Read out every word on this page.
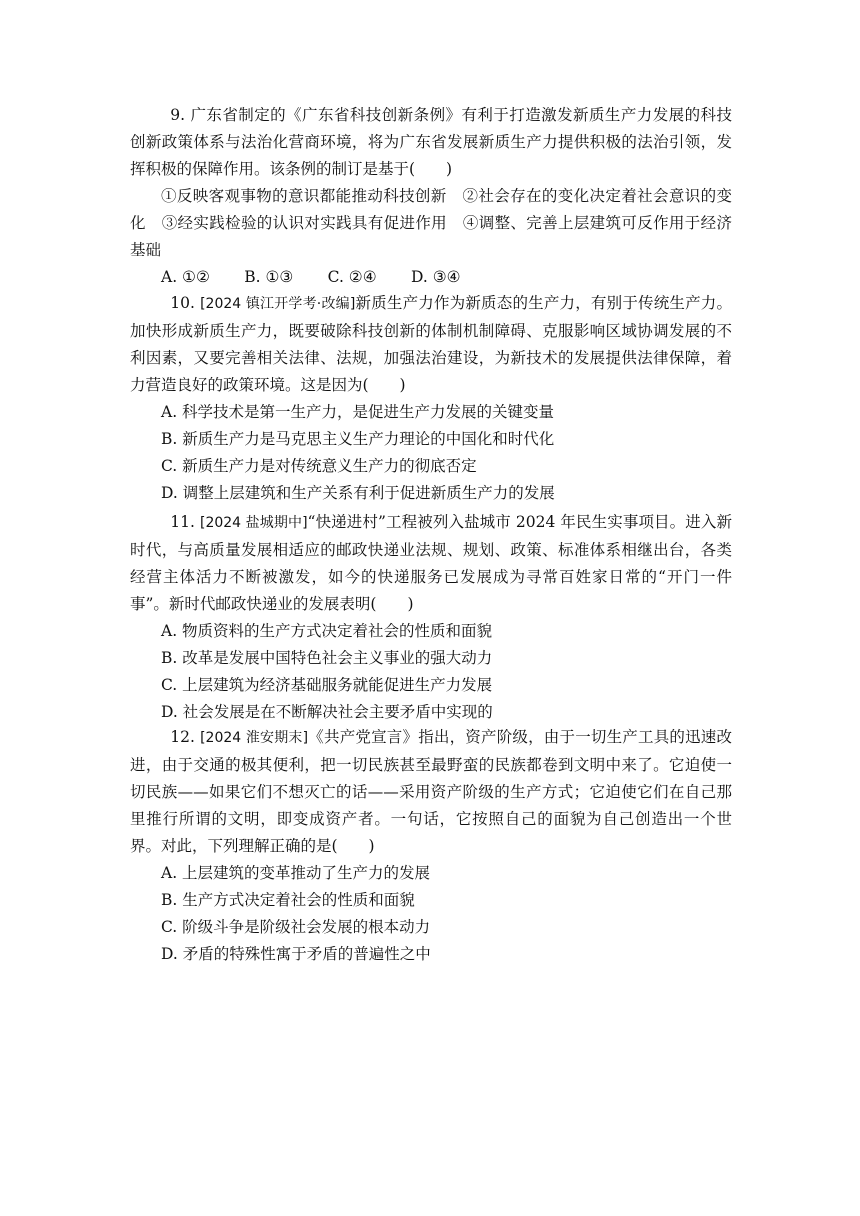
9. 广东省制定的《广东省科技创新条例》有利于打造激发新质生产力发展的科技创新政策体系与法治化营商环境，将为广东省发展新质生产力提供积极的法治引领，发挥积极的保障作用。该条例的制订是基于(　　)

①反映客观事物的意识都能推动科技创新　②社会存在的变化决定着社会意识的变化　③经实践检验的认识对实践具有促进作用　④调整、完善上层建筑可反作用于经济基础

A. ①② B. ①③ C. ②④ D. ③④

10. [2024 镇江开学考·改编]新质生产力作为新质态的生产力，有别于传统生产力。加快形成新质生产力，既要破除科技创新的体制机制障碍、克服影响区域协调发展的不利因素，又要完善相关法律、法规，加强法治建设，为新技术的发展提供法律保障，着力营造良好的政策环境。这是因为(　　)

A. 科学技术是第一生产力，是促进生产力发展的关键变量

B. 新质生产力是马克思主义生产力理论的中国化和时代化

C. 新质生产力是对传统意义生产力的彻底否定

D. 调整上层建筑和生产关系有利于促进新质生产力的发展

11. [2024 盐城期中]“快递进村”工程被列入盐城市 2024 年民生实事项目。进入新时代，与高质量发展相适应的邮政快递业法规、规划、政策、标准体系相继出台，各类经营主体活力不断被激发，如今的快递服务已发展成为寻常百姓家日常的“开门一件事”。新时代邮政快递业的发展表明(　　)

A. 物质资料的生产方式决定着社会的性质和面貌

B. 改革是发展中国特色社会主义事业的强大动力

C. 上层建筑为经济基础服务就能促进生产力发展

D. 社会发展是在不断解决社会主要矛盾中实现的

12. [2024 淮安期末]《共产党宣言》指出，资产阶级，由于一切生产工具的迅速改进，由于交通的极其便利，把一切民族甚至最野蛮的民族都卷到文明中来了。它迫使一切民族——如果它们不想灭亡的话——采用资产阶级的生产方式；它迫使它们在自己那里推行所谓的文明，即变成资产者。一句话，它按照自己的面貌为自己创造出一个世界。对此，下列理解正确的是(　　)

A. 上层建筑的变革推动了生产力的发展

B. 生产方式决定着社会的性质和面貌

C. 阶级斗争是阶级社会发展的根本动力

D. 矛盾的特殊性寓于矛盾的普遍性之中
